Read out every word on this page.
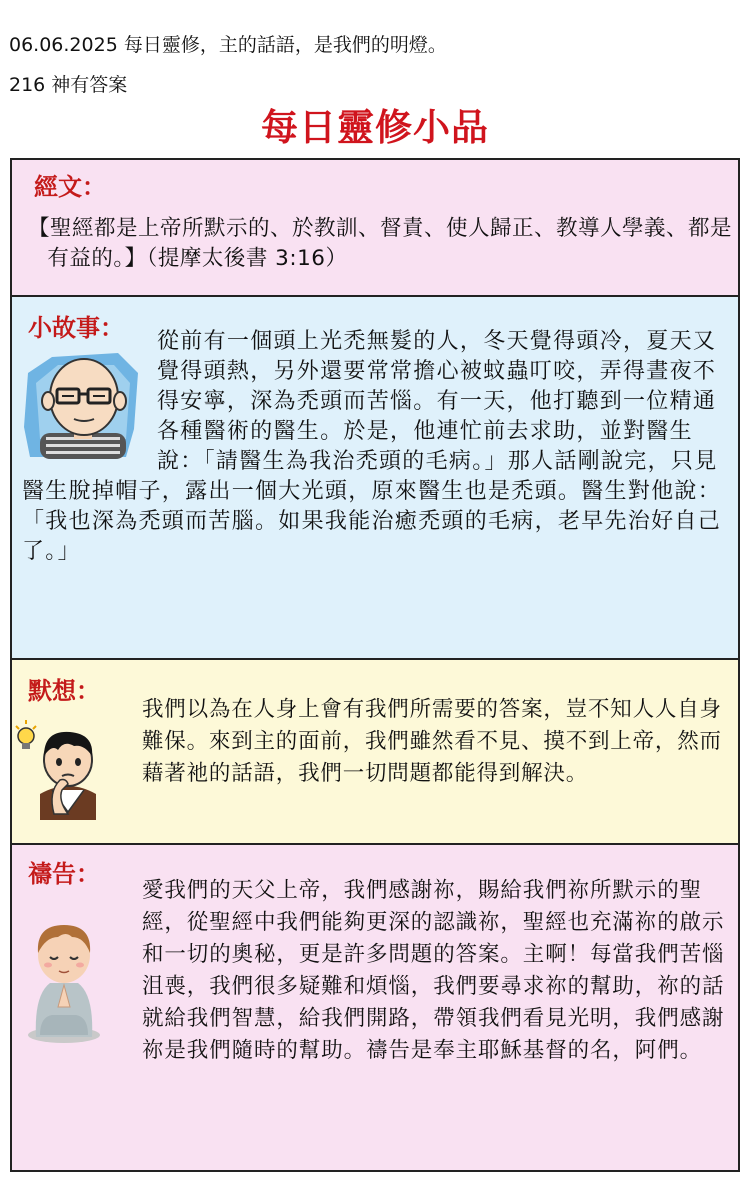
06.06.2025 每日靈修，主的話語，是我們的明燈。
216 神有答案
每日靈修小品
經文：
【聖經都是上帝所默示的、於教訓、督責、使人歸正、教導人學義、都是有益的。】（提摩太後書 3:16）
小故事：	從前有一個頭上光禿無髮的人，冬天覺得頭冷，夏天又覺得頭熱，另外還要常常擔心被蚊蟲叮咬，弄得晝夜不得安寧，深為禿頭而苦惱。有一天，他打聽到一位精通各種醫術的醫生。於是，他連忙前去求助，並對醫生說：「請醫生為我治禿頭的毛病。」那人話剛說完，只見醫生脫掉帽子，露出一個大光頭，原來醫生也是禿頭。醫生對他說：「我也深為禿頭而苦腦。如果我能治癒禿頭的毛病，老早先治好自己了。」
默想：
我們以為在人身上會有我們所需要的答案，豈不知人人自身難保。來到主的面前，我們雖然看不見、摸不到上帝，然而藉著祂的話語，我們一切問題都能得到解決。
禱告：
愛我們的天父上帝，我們感謝祢，賜給我們祢所默示的聖經，從聖經中我們能夠更深的認識祢，聖經也充滿祢的啟示和一切的奧秘，更是許多問題的答案。主啊！每當我們苦惱沮喪，我們很多疑難和煩惱，我們要尋求祢的幫助，祢的話就給我們智慧，給我們開路，帶領我們看見光明，我們感謝祢是我們隨時的幫助。禱告是奉主耶穌基督的名，阿們。
